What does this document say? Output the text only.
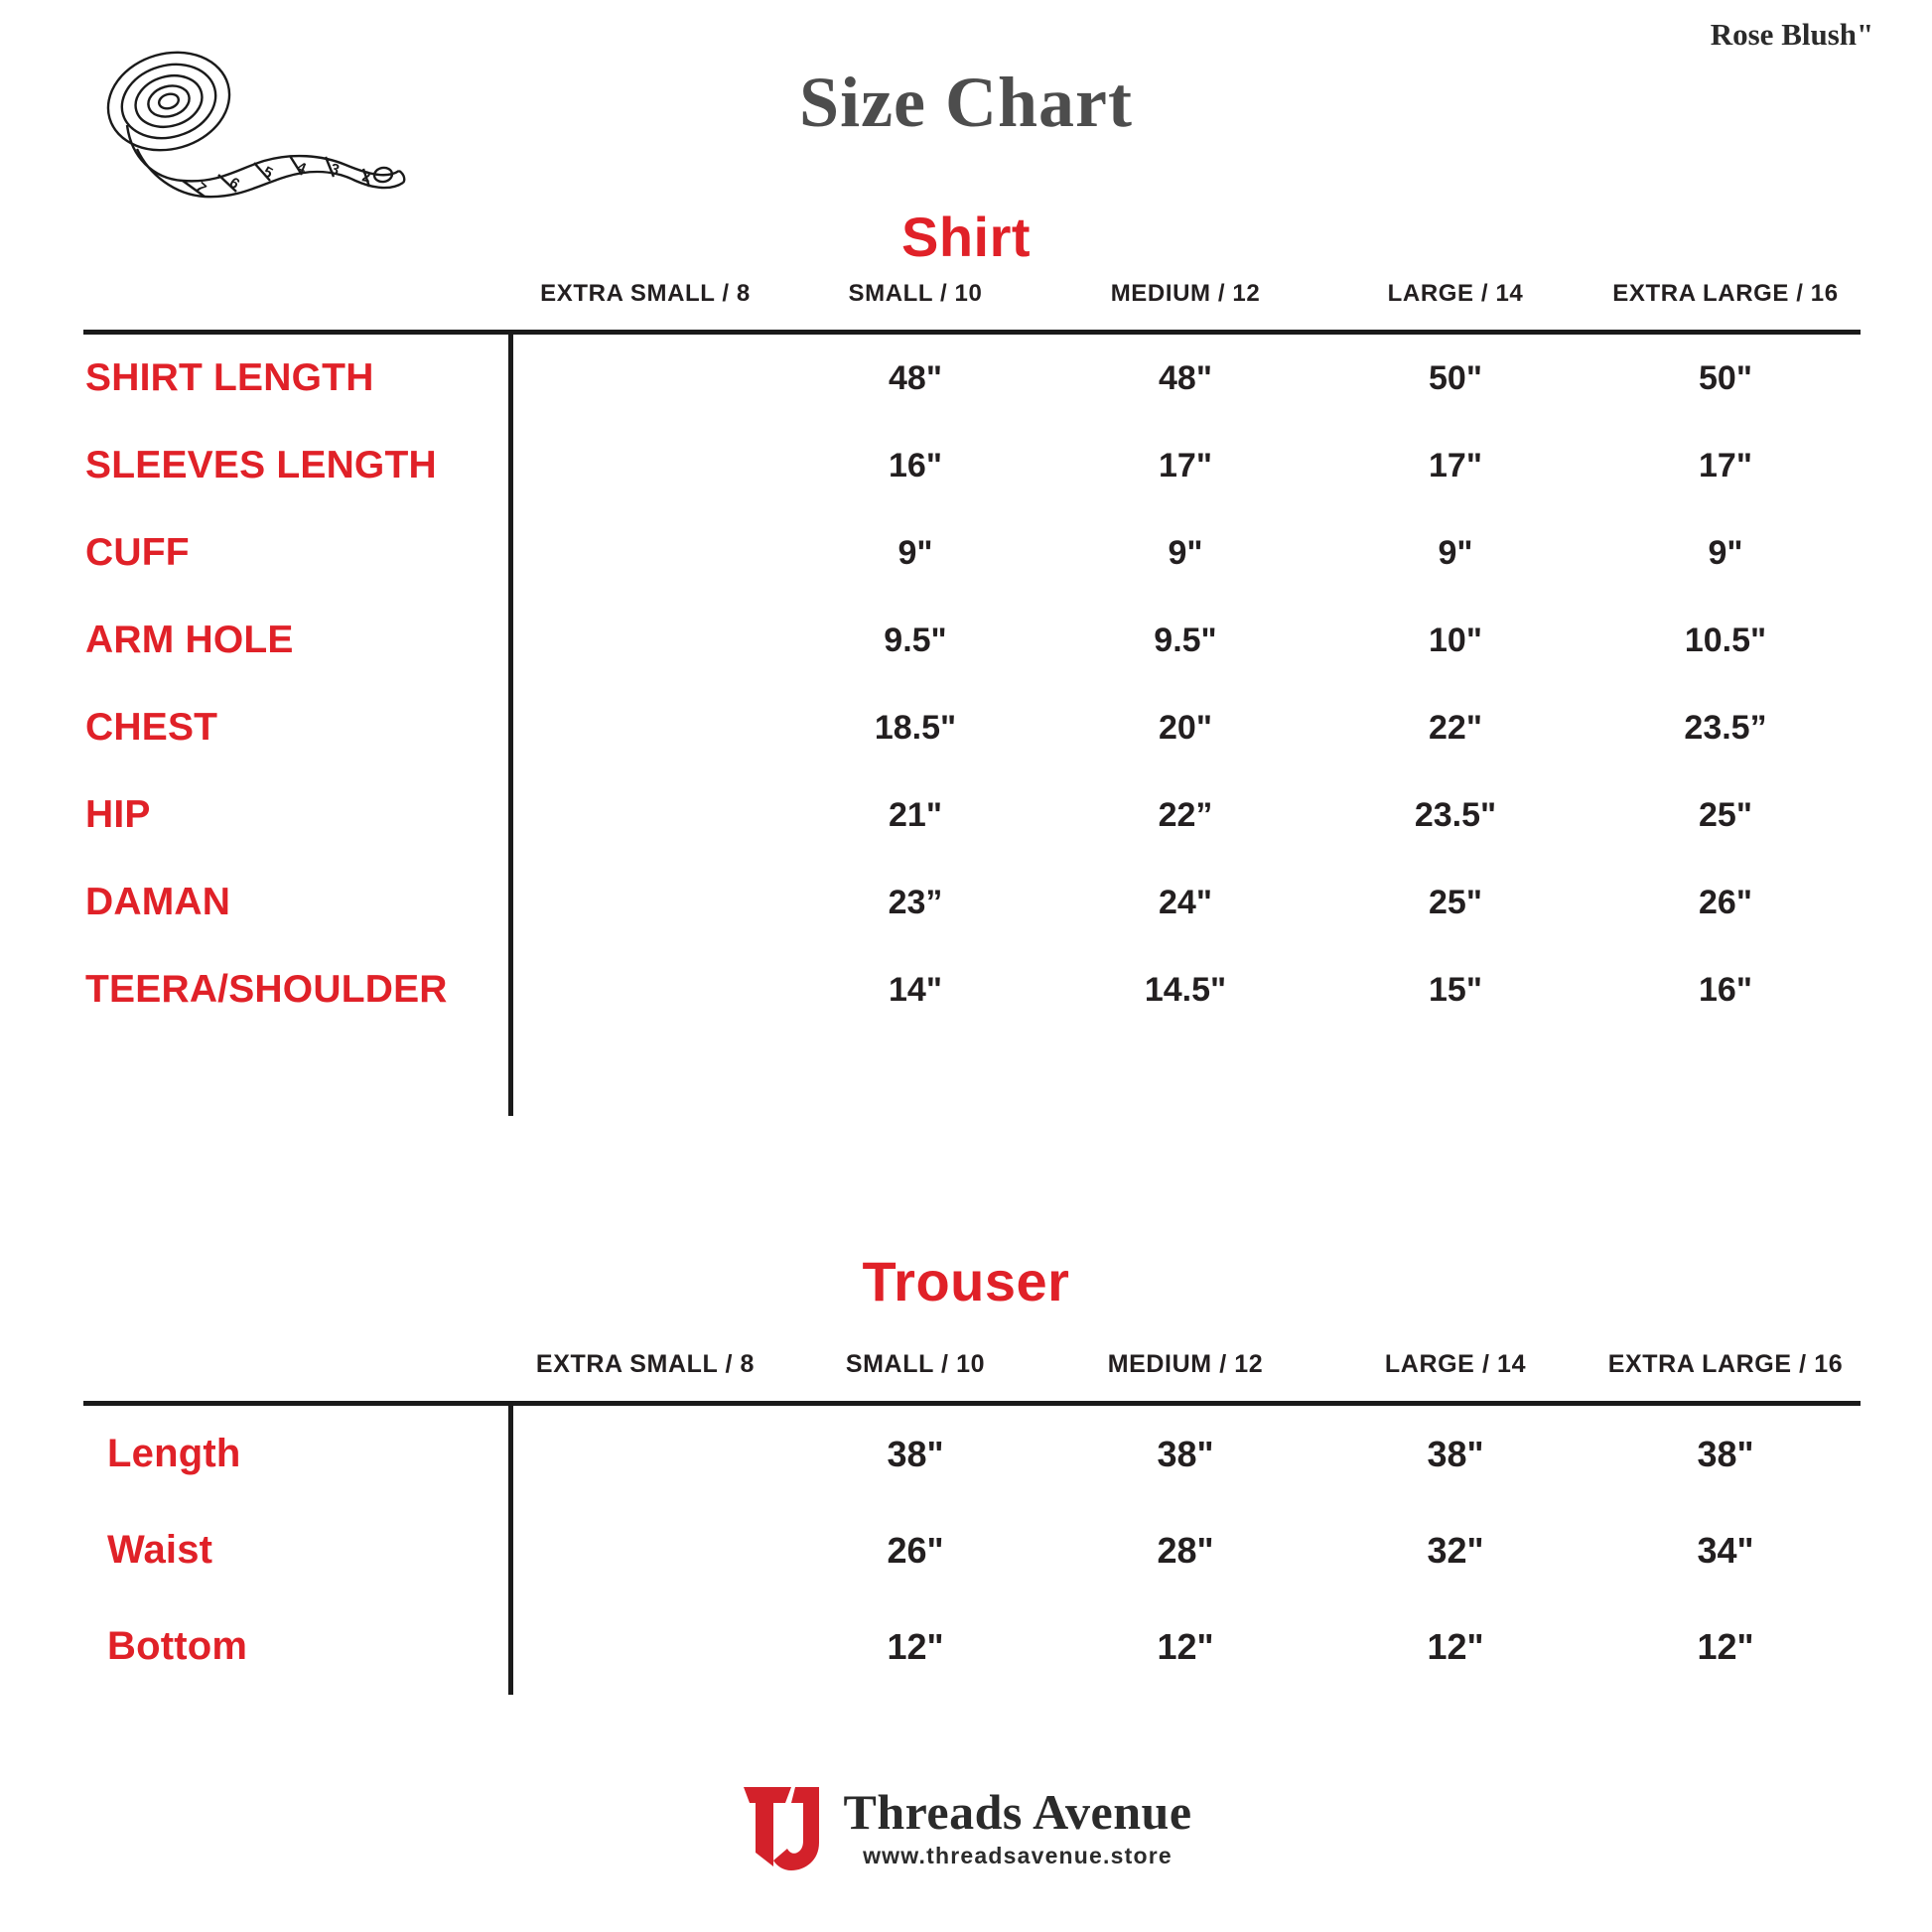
7 6
5 4 3 2
Rose Blush"
Size Chart
Shirt
	EXTRA SMALL / 8	SMALL / 10	MEDIUM / 12	LARGE / 14	EXTRA LARGE / 16
SHIRT LENGTH		48"	48"	50"	50"
SLEEVES LENGTH		16"	17"	17"	17"
CUFF		9"	9"	9"	9"
ARM HOLE		9.5"	9.5"	10"	10.5"
CHEST		18.5"	20"	22"	23.5”
HIP		21"	22”	23.5"	25"
DAMAN		23”	24"	25"	26"
TEERA/SHOULDER		14"	14.5"	15"	16"

Trouser
	EXTRA SMALL / 8	SMALL / 10	MEDIUM / 12	LARGE / 14	EXTRA LARGE / 16
Length		38"	38"	38"	38"
Waist		26"	28"	32"	34"
Bottom		12"	12"	12"	12"
Threads Avenue
www.threadsavenue.store
